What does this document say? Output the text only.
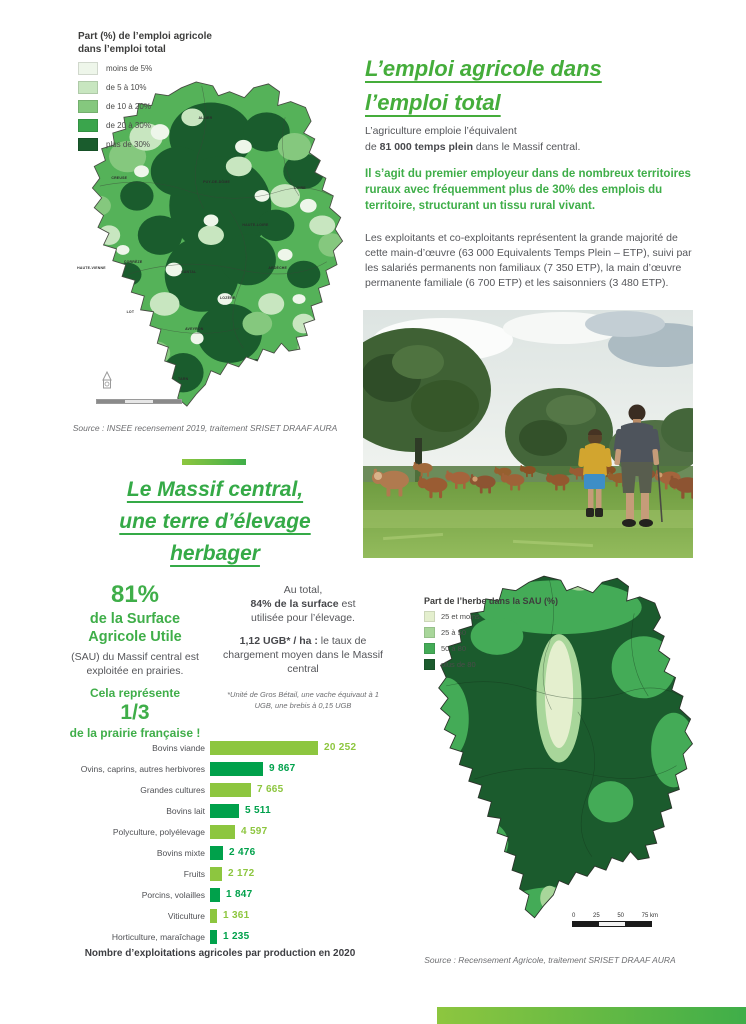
ALLIER
CREUSE
PUY-DE-DÔME
HAUTE-VIENNE
CORRÈZE
CANTAL
HAUTE-LOIRE
LOIRE
LOZÈRE
ARDÈCHE
LOT
AVEYRON
TARN
Part (%) de l’emploi agricole
dans l’emploi total
moins de 5%
de 5 à 10%
de 10 à 20%
de 20 à 30%
plus de 30%

Source : INSEE recensement 2019, traitement SRISET DRAAF AURA

Le Massif central,
une terre d’élevage
herbager
81%
de la Surface
Agricole Utile
(SAU) du Massif central est exploitée en prairies.
Cela représente
1/3
de la prairie française !

Au total,
84% de la surface est
utilisée pour l’élevage.

1,12 UGB* / ha : le taux de chargement moyen dans le Massif central

*Unité de Gros Bétail, une vache équivaut à 1 UGB, une brebis à 0,15 UGB

Bovins viande	20 252
Ovins, caprins, autres herbivores	9 867
Grandes cultures	7 665
Bovins lait	5 511
Polyculture, polyélevage	4 597
Bovins mixte	2 476
Fruits	2 172
Porcins, volailles	1 847
Viticulture	1 361
Horticulture, maraîchage	1 235

Nombre d’exploitations agricoles par production en 2020

L’emploi agricole dans
l’emploi total

L’agriculture emploie l’équivalent
de 81 000 temps plein dans le Massif central.

Il s’agit du premier employeur dans de nombreux territoires ruraux avec fréquemment plus de 30% des emplois du territoire, structurant un tissu rural vivant.

Les exploitants et co-exploitants représentent la grande majorité de cette main-d’œuvre (63 000 Equivalents Temps Plein – ETP), suivi par les salariés permanents non familiaux (7 350 ETP), la main d’œuvre permanente familiale (6 700 ETP) et les saisonniers (3 480 ETP).

Part de l’herbe dans la SAU (%)
25 et moins
25 à 50
50 à 80
plus de 80
0	25	50	75 km

Source : Recensement Agricole, traitement SRISET DRAAF AURA
